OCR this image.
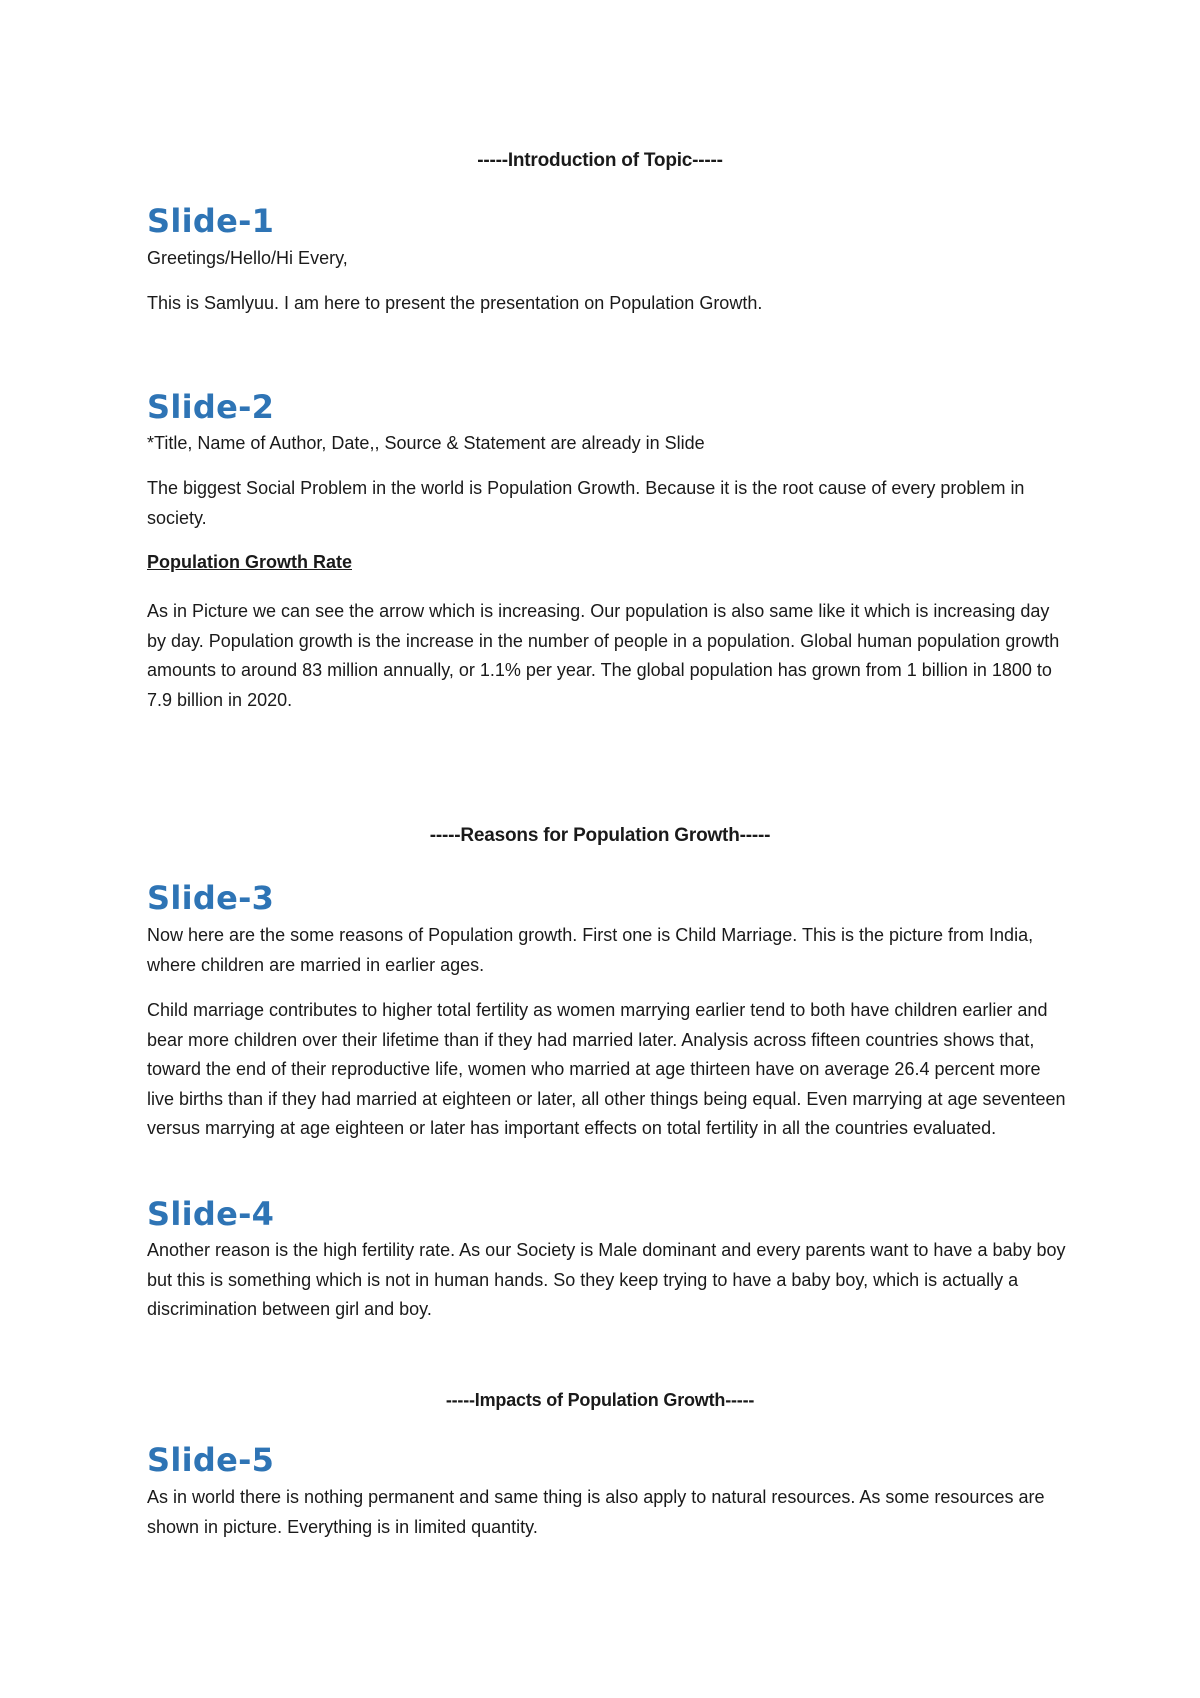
-----Introduction of Topic-----
Slide-1
Greetings/Hello/Hi Every,
This is Samlyuu. I am here to present the presentation on Population Growth.
Slide-2
*Title, Name of Author, Date,, Source & Statement are already in Slide
The biggest Social Problem in the world is Population Growth. Because it is the root cause of every problem in society.
Population Growth Rate
As in Picture we can see the arrow which is increasing. Our population is also same like it which is increasing day by day. Population growth is the increase in the number of people in a population. Global human population growth amounts to around 83 million annually, or 1.1% per year. The global population has grown from 1 billion in 1800 to 7.9 billion in 2020.
-----Reasons for Population Growth-----
Slide-3
Now here are the some reasons of Population growth. First one is Child Marriage. This is the picture from India, where children are married in earlier ages.
Child marriage contributes to higher total fertility as women marrying earlier tend to both have children earlier and bear more children over their lifetime than if they had married later. Analysis across fifteen countries shows that, toward the end of their reproductive life, women who married at age thirteen have on average 26.4 percent more live births than if they had married at eighteen or later, all other things being equal. Even marrying at age seventeen versus marrying at age eighteen or later has important effects on total fertility in all the countries evaluated.
Slide-4
Another reason is the high fertility rate. As our Society is Male dominant and every parents want to have a baby boy but this is something which is not in human hands. So they keep trying to have a baby boy, which is actually a discrimination between girl and boy.
-----Impacts of Population Growth-----
Slide-5
As in world there is nothing permanent and same thing is also apply to natural resources. As some resources are shown in picture. Everything is in limited quantity.
